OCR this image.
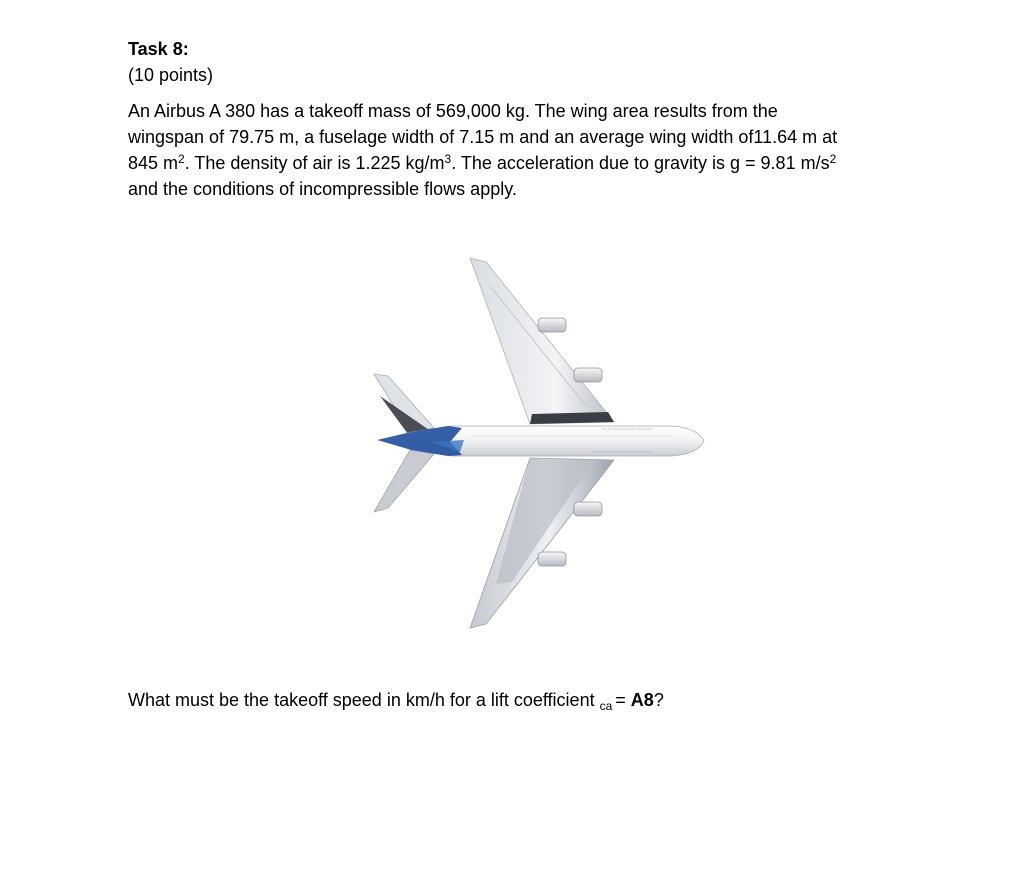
Task 8:
(10 points)
An Airbus A 380 has a takeoff mass of 569,000 kg. The wing area results from the
wingspan of 79.75 m, a fuselage width of 7.15 m and an average wing width of11.64 m at
845 $m^2$. The density of air is 1.225 $kg/m^3$. The acceleration due to gravity is g = 9.81 $m/s^2$
and the conditions of incompressible flows apply.
What must be the takeoff speed in km/h for a lift coefficient $_{ca}$ = A8?
